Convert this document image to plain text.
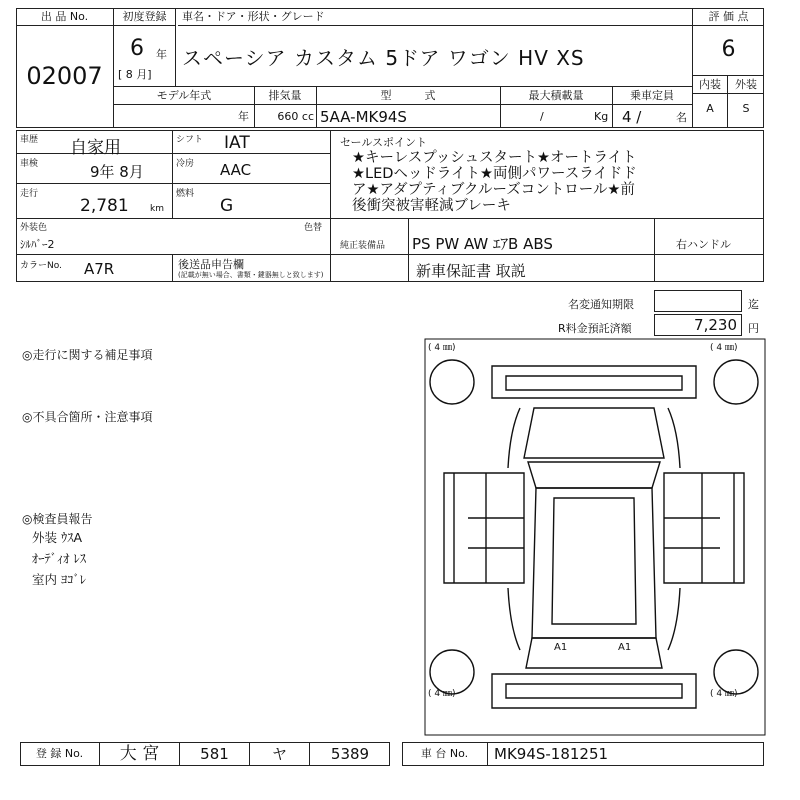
出 品 No.
02007
初度登録
6 年
[ 8 月]
車名・ドア・形状・グレード
スペーシア カスタム 5ドア ワゴン HV XS
評 価 点
6
内装	外装
A	S
モデル年式
年
排気量
660 cc
型　　　式
5AA-MK94S
最大積載量
/	Kg
乗車定員
4 /	名
車歴 自家用	シフト IAT
車検	9年 8月	冷房 AAC
走行
2,781 km
燃料
G
外装色
ｼﾙﾊﾞｰ2
色替
カラーNo. A7R	後送品申告欄
(記載が無い場合、書類・鍵器無しと致します)
セールスポイント
★キーレスプッシュスタート★オートライト
★LEDヘッドライト★両側パワースライドド
ア★アダプティブクルーズコントロール★前
後衝突被害軽減ブレーキ
純正装備品 PS PW AW ｴｱB ABS	右ハンドル
新車保証書 取説
名変通知期限	迄
R料金預託済額	7,230	円
◎走行に関する補足事項
◎不具合箇所・注意事項
◎検査員報告
外装 ｳｽA
ｵｰﾃﾞｨｵ ﾚｽ
室内 ﾖｺﾞﾚ
( 4 ㎜)	( 4 ㎜)
( 4 ㎜)	( 4 ㎜)
A1	A1
登 録 No.	大 宮	581	ヤ	5389	車 台 No.	MK94S-181251
